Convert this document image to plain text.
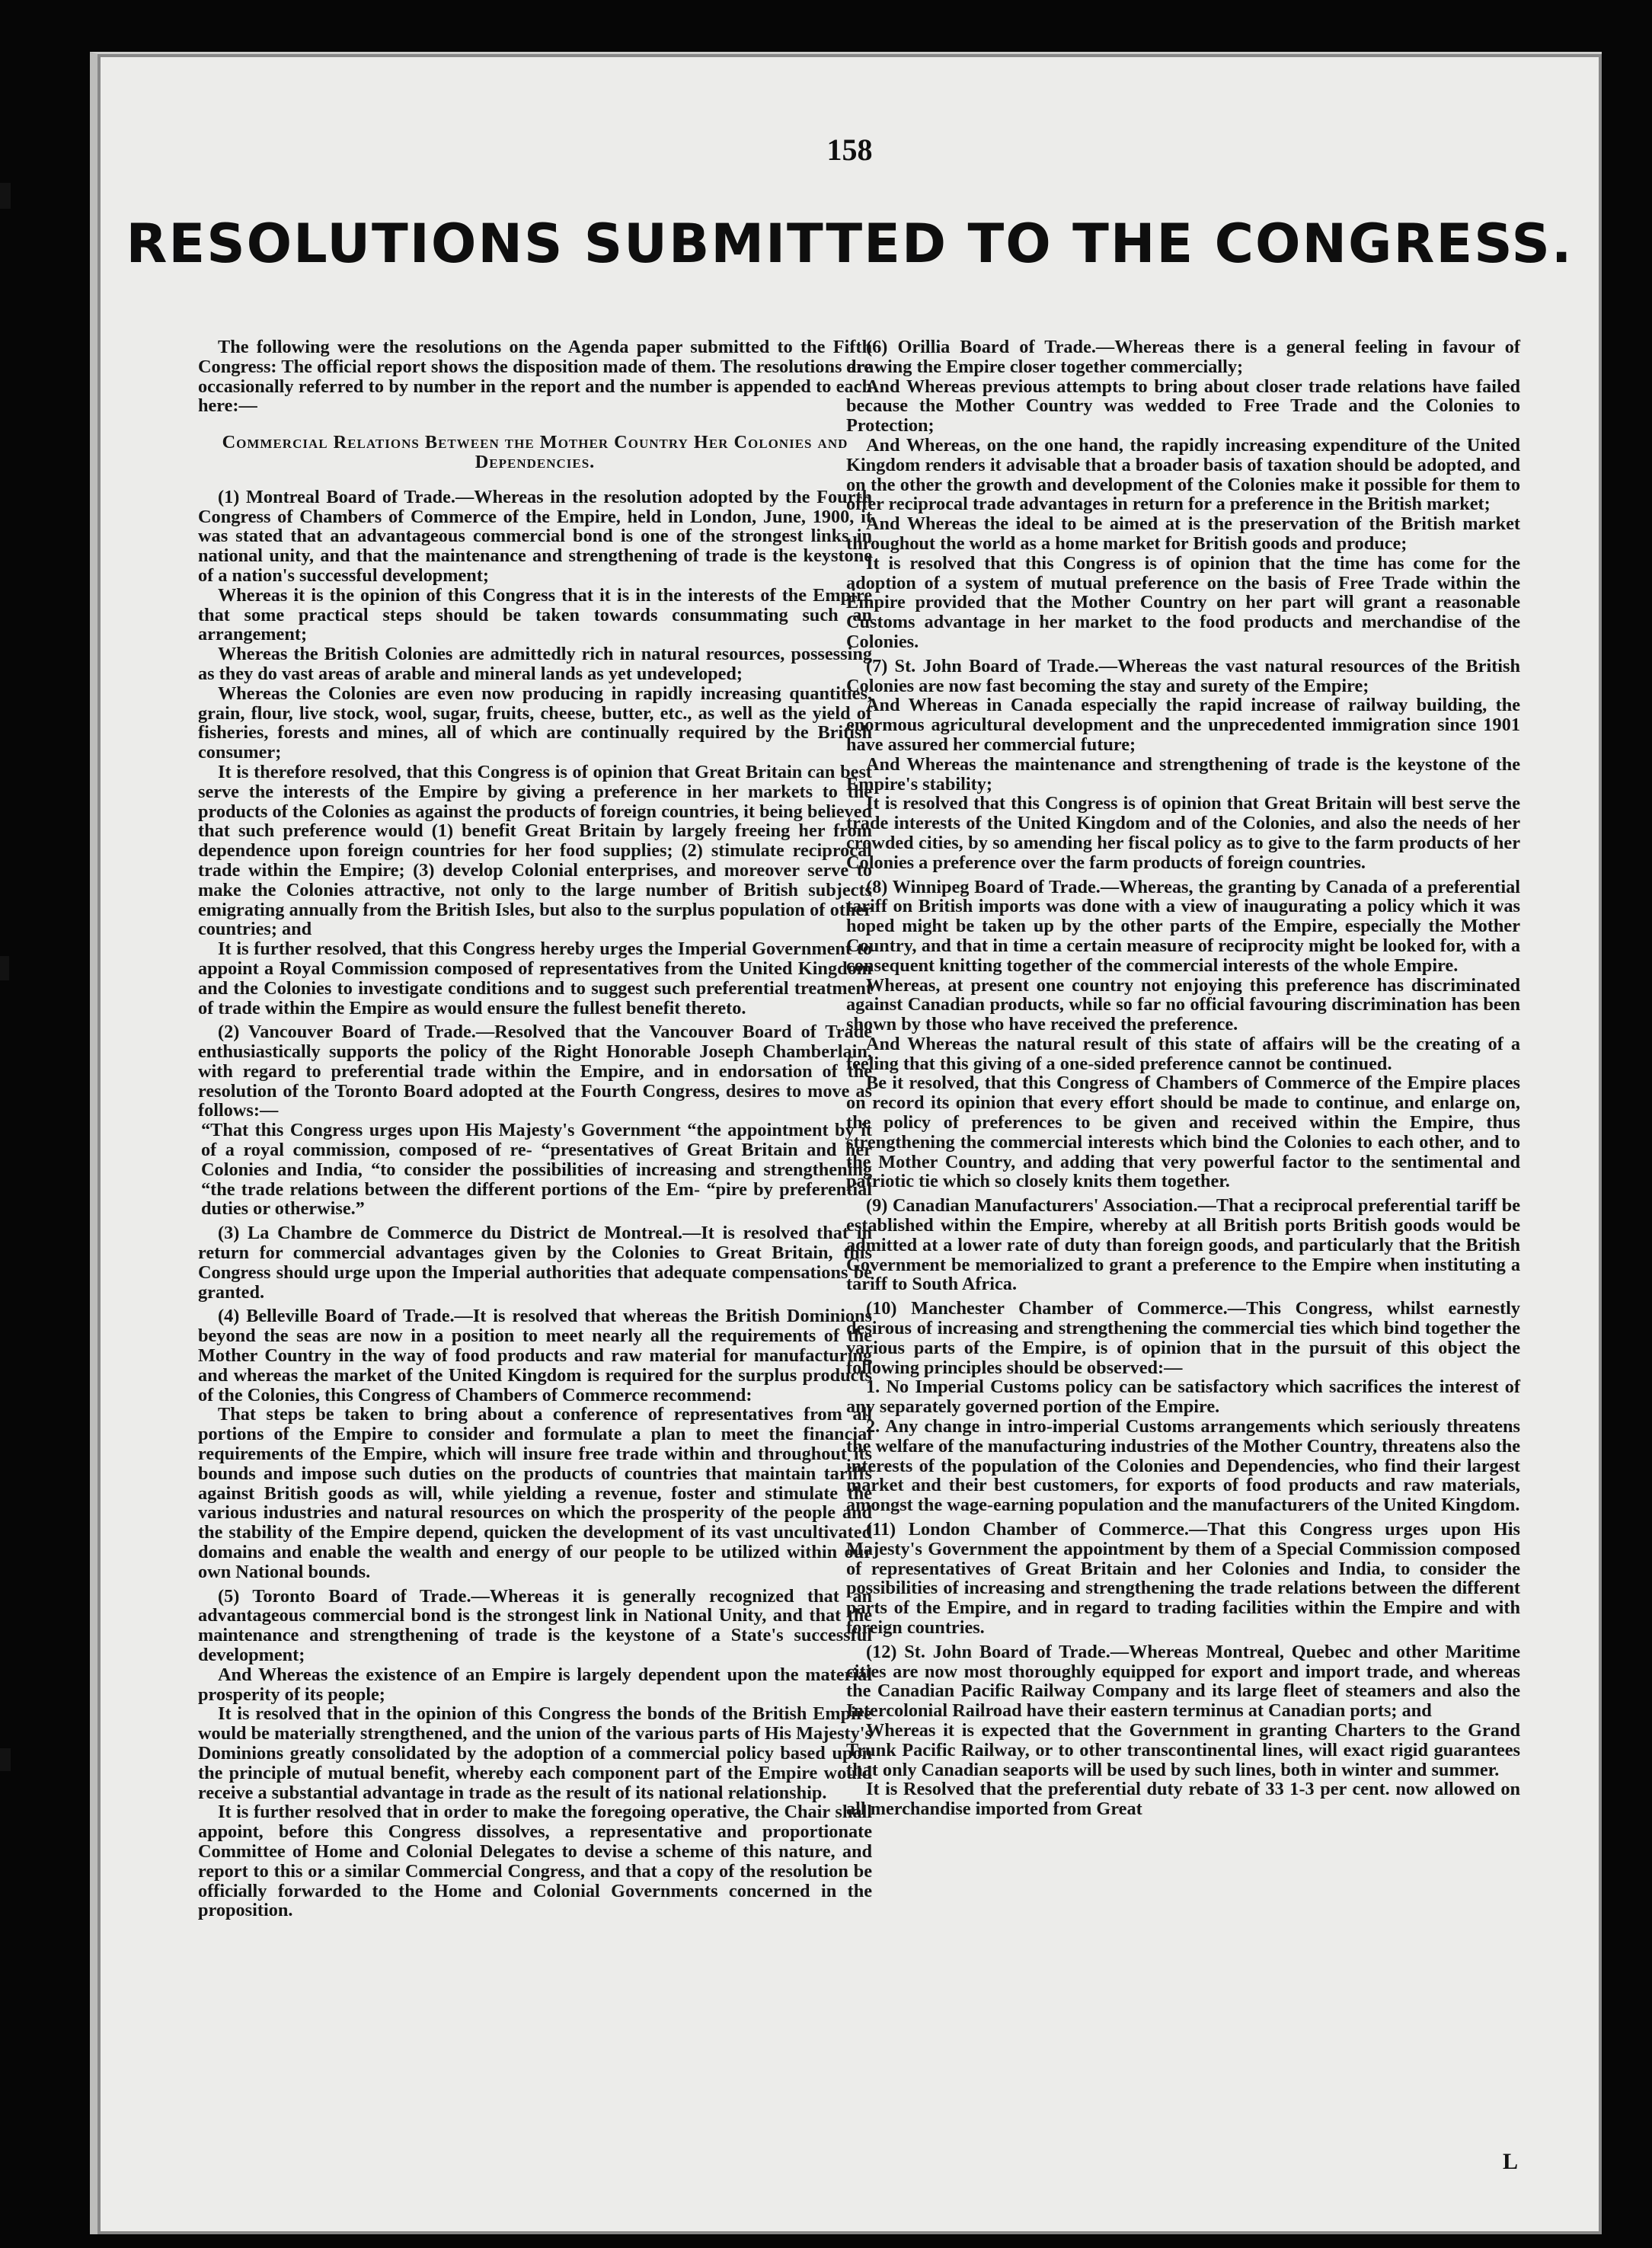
158
RESOLUTIONS SUBMITTED TO THE CONGRESS.

The following were the resolutions on the Agenda paper submitted to the Fifth Congress: The official report shows the disposition made of them. The resolutions are occasionally referred to by number in the report and the number is appended to each here:—

Commercial Relations Between the Mother Country Her Colonies and Dependencies.

(1) Montreal Board of Trade.—Whereas in the resolution adopted by the Fourth Congress of Chambers of Commerce of the Empire, held in London, June, 1900, it was stated that an advantageous commercial bond is one of the strongest links in national unity, and that the maintenance and strengthening of trade is the keystone of a nation's successful development;

Whereas it is the opinion of this Congress that it is in the interests of the Empire that some practical steps should be taken towards consummating such an arrangement;

Whereas the British Colonies are admittedly rich in natural resources, possessing as they do vast areas of arable and mineral lands as yet undeveloped;

Whereas the Colonies are even now producing in rapidly increasing quantities, grain, flour, live stock, wool, sugar, fruits, cheese, butter, etc., as well as the yield of fisheries, forests and mines, all of which are continually required by the British consumer;

It is therefore resolved, that this Congress is of opinion that Great Britain can best serve the interests of the Empire by giving a preference in her markets to the products of the Colonies as against the products of foreign countries, it being believed that such preference would (1) benefit Great Britain by largely freeing her from dependence upon foreign countries for her food supplies; (2) stimulate reciprocal trade within the Empire; (3) develop Colonial enterprises, and moreover serve to make the Colonies attractive, not only to the large number of British subjects emigrating annually from the British Isles, but also to the surplus population of other countries; and

It is further resolved, that this Congress hereby urges the Imperial Government to appoint a Royal Commission composed of representatives from the United Kingdom and the Colonies to investigate conditions and to suggest such preferential treatment of trade within the Empire as would ensure the fullest benefit thereto.

(2) Vancouver Board of Trade.—Resolved that the Vancouver Board of Trade enthusiastically supports the policy of the Right Honorable Joseph Chamberlain, with regard to preferential trade within the Empire, and in endorsation of the resolution of the Toronto Board adopted at the Fourth Congress, desires to move as follows:—

“That this Congress urges upon His Majesty's Government “the appointment by it of a royal commission, composed of re- “presentatives of Great Britain and her Colonies and India, “to consider the possibilities of increasing and strengthening “the trade relations between the different portions of the Em- “pire by preferential duties or otherwise.”

(3) La Chambre de Commerce du District de Montreal.—It is resolved that in return for commercial advantages given by the Colonies to Great Britain, this Congress should urge upon the Imperial authorities that adequate compensations be granted.

(4) Belleville Board of Trade.—It is resolved that whereas the British Dominions beyond the seas are now in a position to meet nearly all the requirements of the Mother Country in the way of food products and raw material for manufacturing and whereas the market of the United Kingdom is required for the surplus products of the Colonies, this Congress of Chambers of Commerce recommend:

That steps be taken to bring about a conference of representatives from all portions of the Empire to consider and formulate a plan to meet the financial requirements of the Empire, which will insure free trade within and throughout its bounds and impose such duties on the products of countries that maintain tariffs against British goods as will, while yielding a revenue, foster and stimulate the various industries and natural resources on which the prosperity of the people and the stability of the Empire depend, quicken the development of its vast uncultivated domains and enable the wealth and energy of our people to be utilized within our own National bounds.

(5) Toronto Board of Trade.—Whereas it is generally recognized that an advantageous commercial bond is the strongest link in National Unity, and that the maintenance and strengthening of trade is the keystone of a State's successful development;

And Whereas the existence of an Empire is largely dependent upon the material prosperity of its people;

It is resolved that in the opinion of this Congress the bonds of the British Empire would be materially strengthened, and the union of the various parts of His Majesty's Dominions greatly consolidated by the adoption of a commercial policy based upon the principle of mutual benefit, whereby each component part of the Empire would receive a substantial advantage in trade as the result of its national relationship.

It is further resolved that in order to make the foregoing operative, the Chair shall appoint, before this Congress dissolves, a representative and proportionate Committee of Home and Colonial Delegates to devise a scheme of this nature, and report to this or a similar Commercial Congress, and that a copy of the resolution be officially forwarded to the Home and Colonial Governments concerned in the proposition.

(6) Orillia Board of Trade.—Whereas there is a general feeling in favour of drawing the Empire closer together commercially;

And Whereas previous attempts to bring about closer trade relations have failed because the Mother Country was wedded to Free Trade and the Colonies to Protection;

And Whereas, on the one hand, the rapidly increasing expenditure of the United Kingdom renders it advisable that a broader basis of taxation should be adopted, and on the other the growth and development of the Colonies make it possible for them to offer reciprocal trade advantages in return for a preference in the British market;

And Whereas the ideal to be aimed at is the preservation of the British market throughout the world as a home market for British goods and produce;

It is resolved that this Congress is of opinion that the time has come for the adoption of a system of mutual preference on the basis of Free Trade within the Empire provided that the Mother Country on her part will grant a reasonable Customs advantage in her market to the food products and merchandise of the Colonies.

(7) St. John Board of Trade.—Whereas the vast natural resources of the British Colonies are now fast becoming the stay and surety of the Empire;

And Whereas in Canada especially the rapid increase of railway building, the enormous agricultural development and the unprecedented immigration since 1901 have assured her commercial future;

And Whereas the maintenance and strengthening of trade is the keystone of the Empire's stability;

It is resolved that this Congress is of opinion that Great Britain will best serve the trade interests of the United Kingdom and of the Colonies, and also the needs of her crowded cities, by so amending her fiscal policy as to give to the farm products of her Colonies a preference over the farm products of foreign countries.

(8) Winnipeg Board of Trade.—Whereas, the granting by Canada of a preferential tariff on British imports was done with a view of inaugurating a policy which it was hoped might be taken up by the other parts of the Empire, especially the Mother Country, and that in time a certain measure of reciprocity might be looked for, with a consequent knitting together of the commercial interests of the whole Empire.

Whereas, at present one country not enjoying this preference has discriminated against Canadian products, while so far no official favouring discrimination has been shown by those who have received the preference.

And Whereas the natural result of this state of affairs will be the creating of a feeling that this giving of a one-sided preference cannot be continued.

Be it resolved, that this Congress of Chambers of Commerce of the Empire places on record its opinion that every effort should be made to continue, and enlarge on, the policy of preferences to be given and received within the Empire, thus strengthening the commercial interests which bind the Colonies to each other, and to the Mother Country, and adding that very powerful factor to the sentimental and patriotic tie which so closely knits them together.

(9) Canadian Manufacturers' Association.—That a reciprocal preferential tariff be established within the Empire, whereby at all British ports British goods would be admitted at a lower rate of duty than foreign goods, and particularly that the British Government be memorialized to grant a preference to the Empire when instituting a tariff to South Africa.

(10) Manchester Chamber of Commerce.—This Congress, whilst earnestly desirous of increasing and strengthening the commercial ties which bind together the various parts of the Empire, is of opinion that in the pursuit of this object the following principles should be observed:—

1. No Imperial Customs policy can be satisfactory which sacrifices the interest of any separately governed portion of the Empire.

2. Any change in intro-imperial Customs arrangements which seriously threatens the welfare of the manufacturing industries of the Mother Country, threatens also the interests of the population of the Colonies and Dependencies, who find their largest market and their best customers, for exports of food products and raw materials, amongst the wage-earning population and the manufacturers of the United Kingdom.

(11) London Chamber of Commerce.—That this Congress urges upon His Majesty's Government the appointment by them of a Special Commission composed of representatives of Great Britain and her Colonies and India, to consider the possibilities of increasing and strengthening the trade relations between the different parts of the Empire, and in regard to trading facilities within the Empire and with foreign countries.

(12) St. John Board of Trade.—Whereas Montreal, Quebec and other Maritime cities are now most thoroughly equipped for export and import trade, and whereas the Canadian Pacific Railway Company and its large fleet of steamers and also the Intercolonial Railroad have their eastern terminus at Canadian ports; and

Whereas it is expected that the Government in granting Charters to the Grand Trunk Pacific Railway, or to other transcontinental lines, will exact rigid guarantees that only Canadian seaports will be used by such lines, both in winter and summer.

It is Resolved that the preferential duty rebate of 33 1-3 per cent. now allowed on all merchandise imported from Great

L
